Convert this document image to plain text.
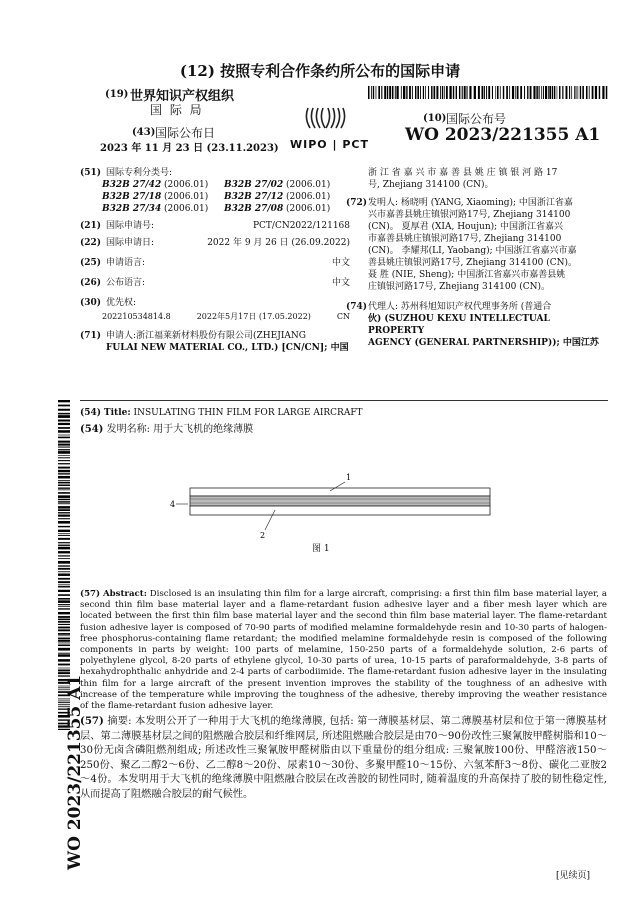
(12) 按照专利合作条约所公布的国际申请
(19) 世界知识产权组织
国 际 局
(43) 国际公布日
2023 年 11 月 23 日 (23.11.2023) WIPO | PCT
(10) 国际公布号
WO 2023/221355 A1
(51) 国际专利分类号:
B32B 27/42 (2006.01)	B32B 27/02 (2006.01)
B32B 27/18 (2006.01)	B32B 27/12 (2006.01)
B32B 27/34 (2006.01)	B32B 27/08 (2006.01)
(21) 国际申请号:	PCT/CN2022/121168
(22) 国际申请日:	2022 年 9 月 26 日 (26.09.2022)
(25) 申请语言:	中文
(26) 公布语言:	中文
(30) 优先权:
202210534814.8	2022年5月17日 (17.05.2022)	CN
(71) 申请人:浙江福莱新材料股份有限公司(ZHEJIANG
FULAI NEW MATERIAL CO., LTD.) [CN/CN]; 中国
浙 江 省 嘉 兴 市 嘉 善 县 姚 庄 镇 银 河 路 17
号, Zhejiang 314100 (CN)。
(72) 发明人: 杨晓明 (YANG, Xiaoming); 中国浙江省嘉
兴市嘉善县姚庄镇银河路17号, Zhejiang 314100
(CN)。 夏厚君 (XIA, Houjun); 中国浙江省嘉兴
市嘉善县姚庄镇银河路17号, Zhejiang 314100
(CN)。 李耀邦(LI, Yaobang); 中国浙江省嘉兴市嘉
善县姚庄镇银河路17号, Zhejiang 314100 (CN)。
聂 胜 (NIE, Sheng); 中国浙江省嘉兴市嘉善县姚
庄镇银河路17号, Zhejiang 314100 (CN)。
(74) 代理人: 苏州科旭知识产权代理事务所 (普通合
伙) (SUZHOU KEXU INTELLECTUAL PROPERTY
AGENCY (GENERAL PARTNERSHIP)); 中国江苏
(54) Title: INSULATING THIN FILM FOR LARGE AIRCRAFT
(54) 发明名称: 用于大飞机的绝缘薄膜
1
4
2
图 1
(57) Abstract: Disclosed is an insulating thin film for a large aircraft, comprising: a first thin film base material layer, a second thin film base material layer and a flame-retardant fusion adhesive layer and a fiber mesh layer which are located between the first thin film base material layer and the second thin film base material layer. The flame-retardant fusion adhesive layer is composed of 70-90 parts of modified melamine formaldehyde resin and 10-30 parts of halogen-free phosphorus-containing flame retardant; the modified melamine formaldehyde resin is composed of the following components in parts by weight: 100 parts of melamine, 150-250 parts of a formaldehyde solution, 2-6 parts of polyethylene glycol, 8-20 parts of ethylene glycol, 10-30 parts of urea, 10-15 parts of paraformaldehyde, 3-8 parts of hexahydrophthalic anhydride and 2-4 parts of carbodiimide. The flame-retardant fusion adhesive layer in the insulating thin film for a large aircraft of the present invention improves the stability of the toughness of an adhesive with increase of the temperature while improving the toughness of the adhesive, thereby improving the weather resistance of the flame-retardant fusion adhesive layer.
(57) 摘要: 本发明公开了一种用于大飞机的绝缘薄膜, 包括: 第一薄膜基材层、第二薄膜基材层和位于第一薄膜基材层、第二薄膜基材层之间的阻燃融合胶层和纤维网层, 所述阻燃融合胶层是由70～90份改性三聚氰胺甲醛树脂和10～30份无卤含磷阻燃剂组成; 所述改性三聚氰胺甲醛树脂由以下重量份的组分组成: 三聚氰胺100份、甲醛溶液150～250份、聚乙二醇2～6份、乙二醇8～20份、尿素10～30份、多聚甲醛10～15份、六氢苯酐3～8份、碳化二亚胺2～4份。本发明用于大飞机的绝缘薄膜中阻燃融合胶层在改善胶的韧性同时, 随着温度的升高保持了胶的韧性稳定性, 从而提高了阻燃融合胶层的耐气候性。
WO 2023/221355 A1
[见续页]
